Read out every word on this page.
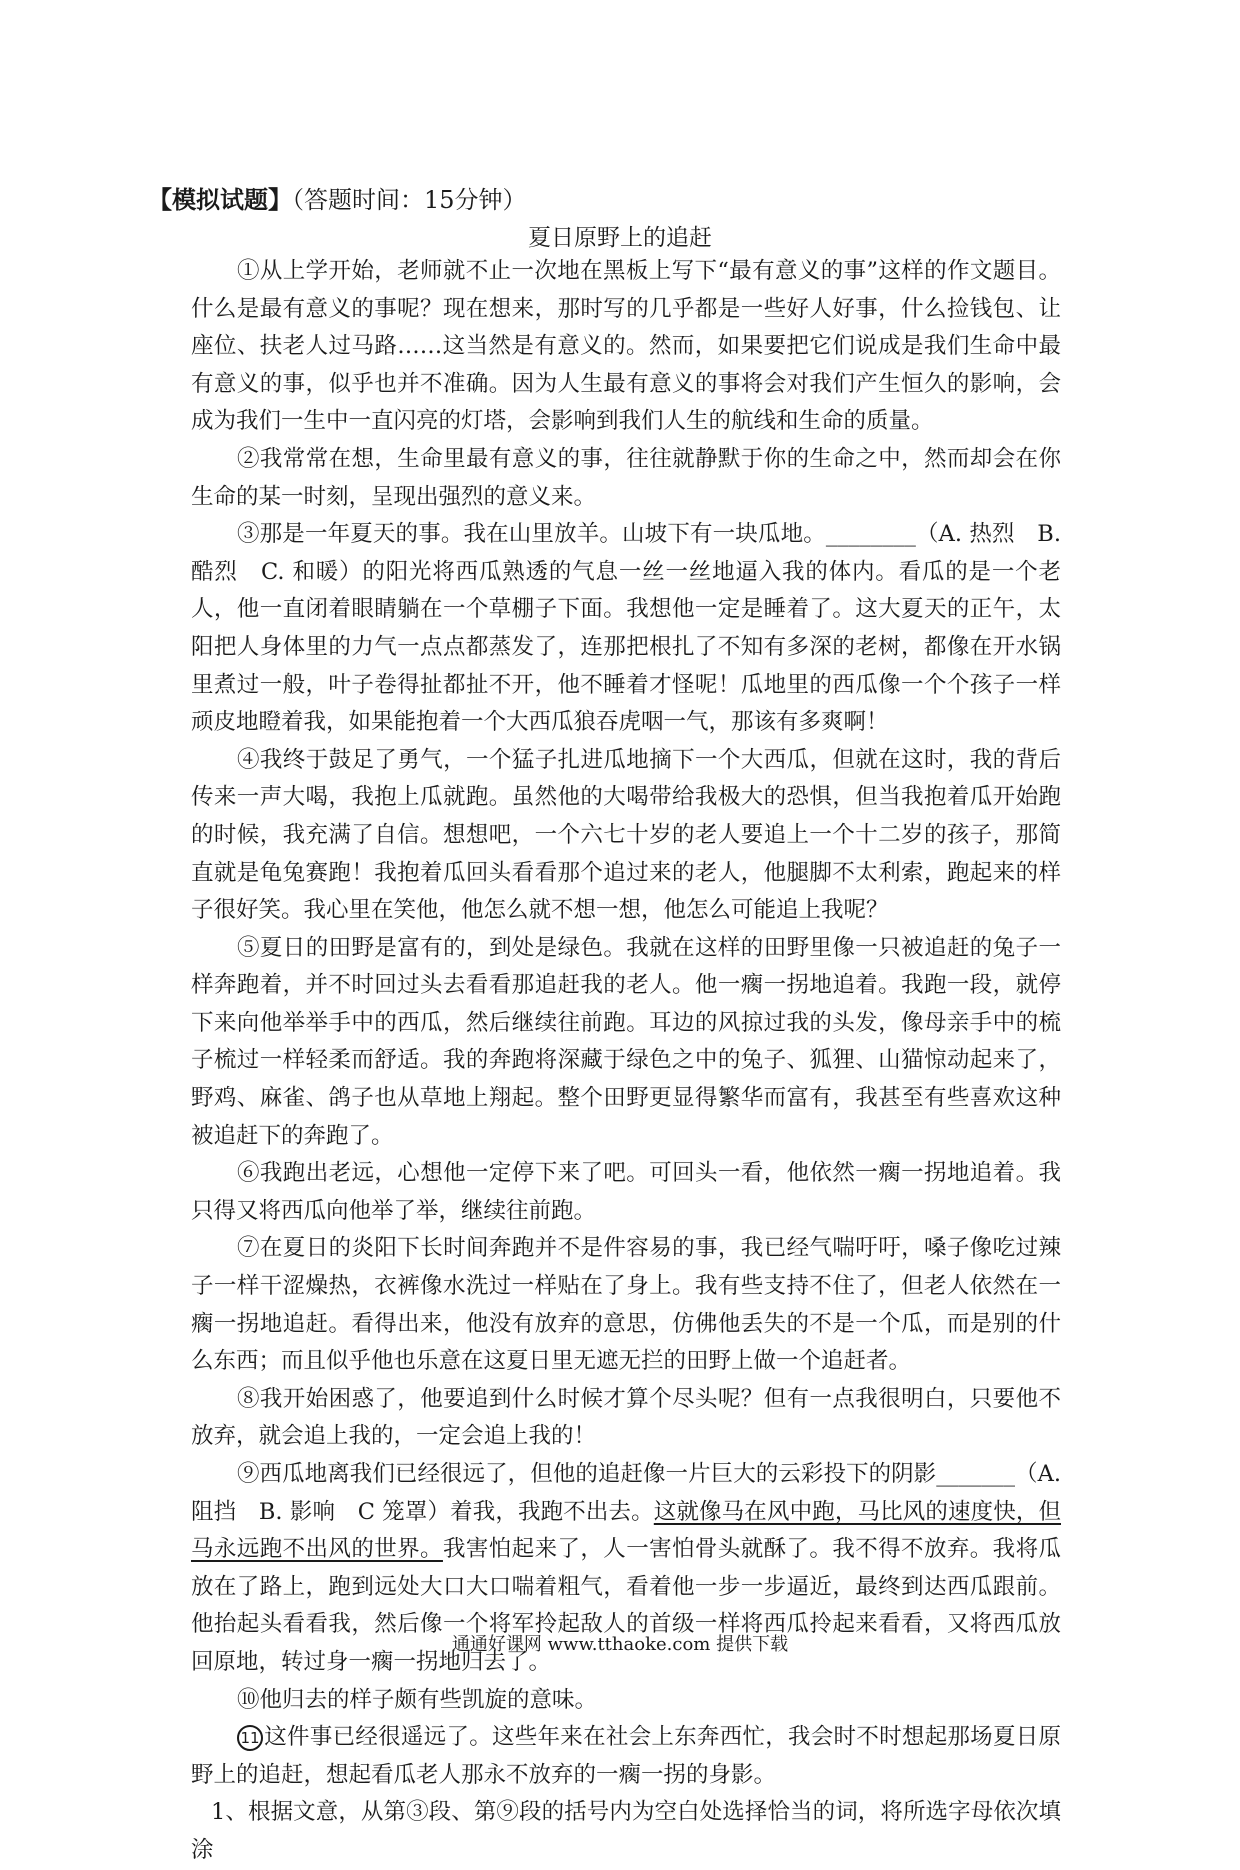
【模拟试题】（答题时间：15分钟）
夏日原野上的追赶

①从上学开始，老师就不止一次地在黑板上写下“最有意义的事”这样的作文题目。什么是最有意义的事呢？现在想来，那时写的几乎都是一些好人好事，什么捡钱包、让座位、扶老人过马路……这当然是有意义的。然而，如果要把它们说成是我们生命中最有意义的事，似乎也并不准确。因为人生最有意义的事将会对我们产生恒久的影响，会成为我们一生中一直闪亮的灯塔，会影响到我们人生的航线和生命的质量。

②我常常在想，生命里最有意义的事，往往就静默于你的生命之中，然而却会在你生命的某一时刻，呈现出强烈的意义来。

③那是一年夏天的事。我在山里放羊。山坡下有一块瓜地。________（A. 热烈　B. 酷烈　C. 和暖）的阳光将西瓜熟透的气息一丝一丝地逼入我的体内。看瓜的是一个老人，他一直闭着眼睛躺在一个草棚子下面。我想他一定是睡着了。这大夏天的正午，太阳把人身体里的力气一点点都蒸发了，连那把根扎了不知有多深的老树，都像在开水锅里煮过一般，叶子卷得扯都扯不开，他不睡着才怪呢！瓜地里的西瓜像一个个孩子一样顽皮地瞪着我，如果能抱着一个大西瓜狼吞虎咽一气，那该有多爽啊！

④我终于鼓足了勇气，一个猛子扎进瓜地摘下一个大西瓜，但就在这时，我的背后传来一声大喝，我抱上瓜就跑。虽然他的大喝带给我极大的恐惧，但当我抱着瓜开始跑的时候，我充满了自信。想想吧，一个六七十岁的老人要追上一个十二岁的孩子，那简直就是龟兔赛跑！我抱着瓜回头看看那个追过来的老人，他腿脚不太利索，跑起来的样子很好笑。我心里在笑他，他怎么就不想一想，他怎么可能追上我呢？

⑤夏日的田野是富有的，到处是绿色。我就在这样的田野里像一只被追赶的兔子一样奔跑着，并不时回过头去看看那追赶我的老人。他一瘸一拐地追着。我跑一段，就停下来向他举举手中的西瓜，然后继续往前跑。耳边的风掠过我的头发，像母亲手中的梳子梳过一样轻柔而舒适。我的奔跑将深藏于绿色之中的兔子、狐狸、山猫惊动起来了，野鸡、麻雀、鸽子也从草地上翔起。整个田野更显得繁华而富有，我甚至有些喜欢这种被追赶下的奔跑了。

⑥我跑出老远，心想他一定停下来了吧。可回头一看，他依然一瘸一拐地追着。我只得又将西瓜向他举了举，继续往前跑。

⑦在夏日的炎阳下长时间奔跑并不是件容易的事，我已经气喘吁吁，嗓子像吃过辣子一样干涩燥热，衣裤像水洗过一样贴在了身上。我有些支持不住了，但老人依然在一瘸一拐地追赶。看得出来，他没有放弃的意思，仿佛他丢失的不是一个瓜，而是别的什么东西；而且似乎他也乐意在这夏日里无遮无拦的田野上做一个追赶者。

⑧我开始困惑了，他要追到什么时候才算个尽头呢？但有一点我很明白，只要他不放弃，就会追上我的，一定会追上我的！

⑨西瓜地离我们已经很远了，但他的追赶像一片巨大的云彩投下的阴影_______（A. 阻挡　B. 影响　C 笼罩）着我，我跑不出去。这就像马在风中跑，马比风的速度快，但马永远跑不出风的世界。我害怕起来了，人一害怕骨头就酥了。我不得不放弃。我将瓜放在了路上，跑到远处大口大口喘着粗气，看着他一步一步逼近，最终到达西瓜跟前。他抬起头看看我，然后像一个将军拎起敌人的首级一样将西瓜拎起来看看，又将西瓜放回原地，转过身一瘸一拐地归去了。

⑩他归去的样子颇有些凯旋的意味。

11 这件事已经很遥远了。这些年来在社会上东奔西忙，我会时不时想起那场夏日原野上的追赶，想起看瓜老人那永不放弃的一瘸一拐的身影。

1、根据文意，从第③段、第⑨段的括号内为空白处选择恰当的词，将所选字母依次填涂

通通好课网 www.tthaoke.com 提供下载
